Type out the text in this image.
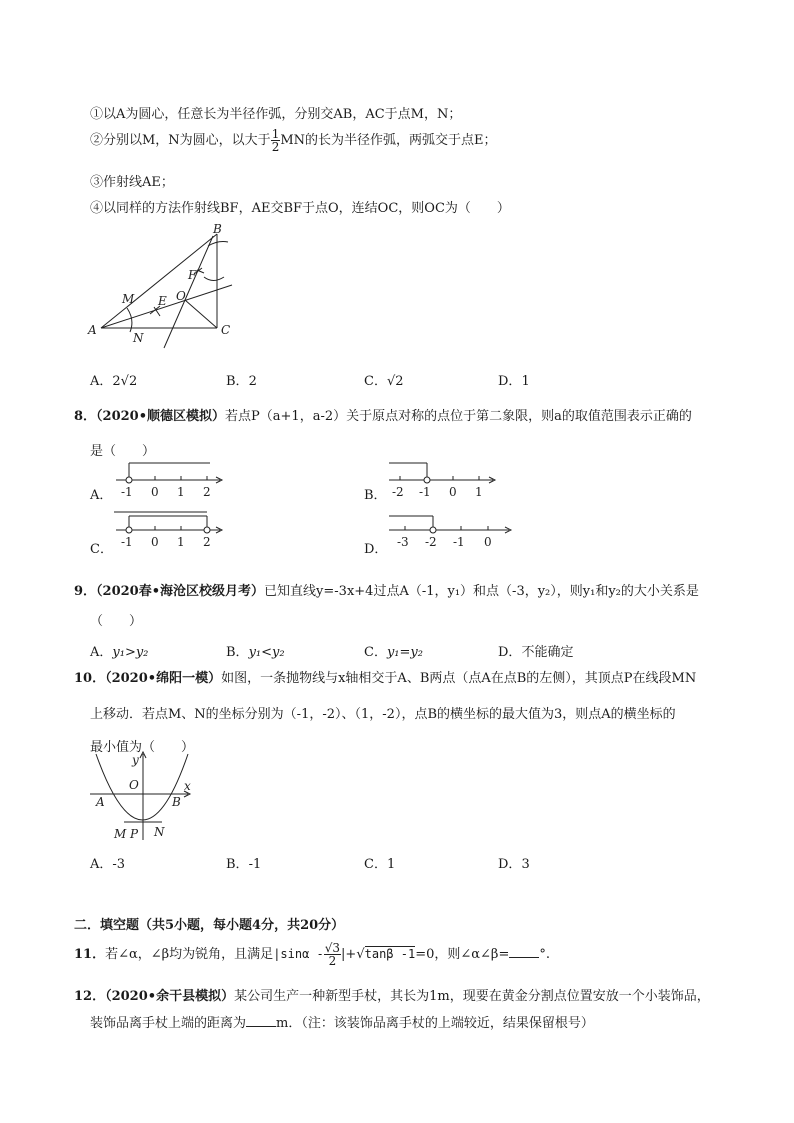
①以A为圆心，任意长为半径作弧，分别交AB，AC于点M，N；
②分别以M，N为圆心，以大于 $\frac{1}{2}$ MN的长为半径作弧，两弧交于点E；
③作射线AE；
④以同样的方法作射线BF，AE交BF于点O，连结OC，则OC为（　　）
A
B
C
M
N
E
F
O
A．2√2	B．2	C．√2	D．1
8．（2020•顺德区模拟）若点P（a+1，a-2）关于原点对称的点位于第二象限，则a的取值范围表示正确的
是（　　）
A． -1 0 1 2	B． -2 -1 0 1
C． -1 0 1 2	D． -3 -2 -1 0
9．（2020春•海沧区校级月考）已知直线y=-3x+4过点A（-1，y₁）和点（-3，y₂），则y₁和y₂的大小关系是
（　　）
A．y₁>y₂	B．y₁<y₂	C．y₁=y₂	D．不能确定
10．（2020•绵阳一模）如图，一条抛物线与x轴相交于A、B两点（点A在点B的左侧），其顶点P在线段MN
上移动．若点M、N的坐标分别为（-1，-2）、（1，-2），点B的横坐标的最大值为3，则点A的横坐标的
最小值为（　　）
y
x
O
A	B
M P N
A．-3	B．-1	C．1	D．3
二．填空题（共5小题，每小题4分，共20分）
11．若∠α，∠β均为锐角，且满足$|\sin\alpha - \frac{√3}{2} |+√\tan\beta$ -1=0，则∠α∠β= °.
12．（2020•余干县模拟）某公司生产一种新型手杖，其长为1m，现要在黄金分割点位置安放一个小装饰品，
装饰品离手杖上端的距离为 m．（注：该装饰品离手杖的上端较近，结果保留根号）
